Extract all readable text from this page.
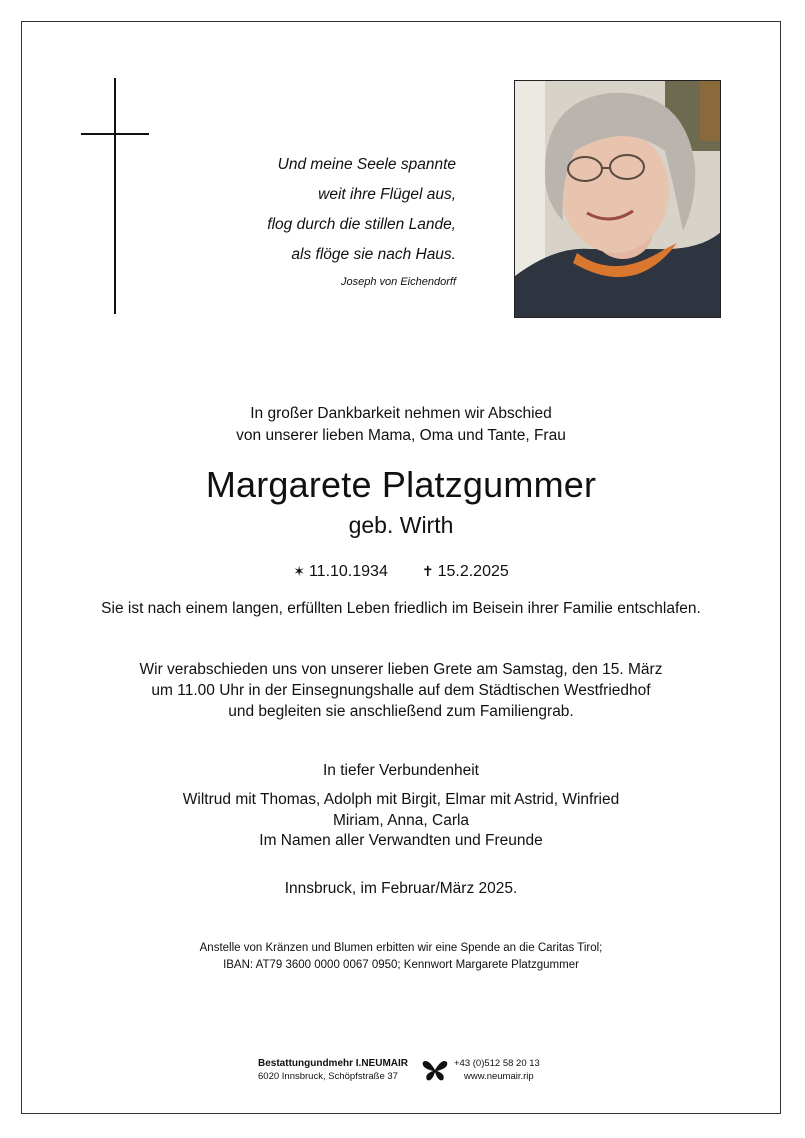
Und meine Seele spannte
weit ihre Flügel aus,
flog durch die stillen Lande,
als flöge sie nach Haus.
Joseph von Eichendorff
In großer Dankbarkeit nehmen wir Abschied
von unserer lieben Mama, Oma und Tante, Frau
Margarete Platzgummer
geb. Wirth
✶ 11.10.1934 ✝ 15.2.2025
Sie ist nach einem langen, erfüllten Leben friedlich im Beisein ihrer Familie entschlafen.
Wir verabschieden uns von unserer lieben Grete am Samstag, den 15. März
um 11.00 Uhr in der Einsegnungshalle auf dem Städtischen Westfriedhof
und begleiten sie anschließend zum Familiengrab.
In tiefer Verbundenheit
Wiltrud mit Thomas, Adolph mit Birgit, Elmar mit Astrid, Winfried
Miriam, Anna, Carla
Im Namen aller Verwandten und Freunde
Innsbruck, im Februar/März 2025.
Anstelle von Kränzen und Blumen erbitten wir eine Spende an die Caritas Tirol;
IBAN: AT79 3600 0000 0067 0950; Kennwort Margarete Platzgummer
Bestattungundmehr I.NEUMAIR
6020 Innsbruck, Schöpfstraße 37
+43 (0)512 58 20 13
www.neumair.rip
